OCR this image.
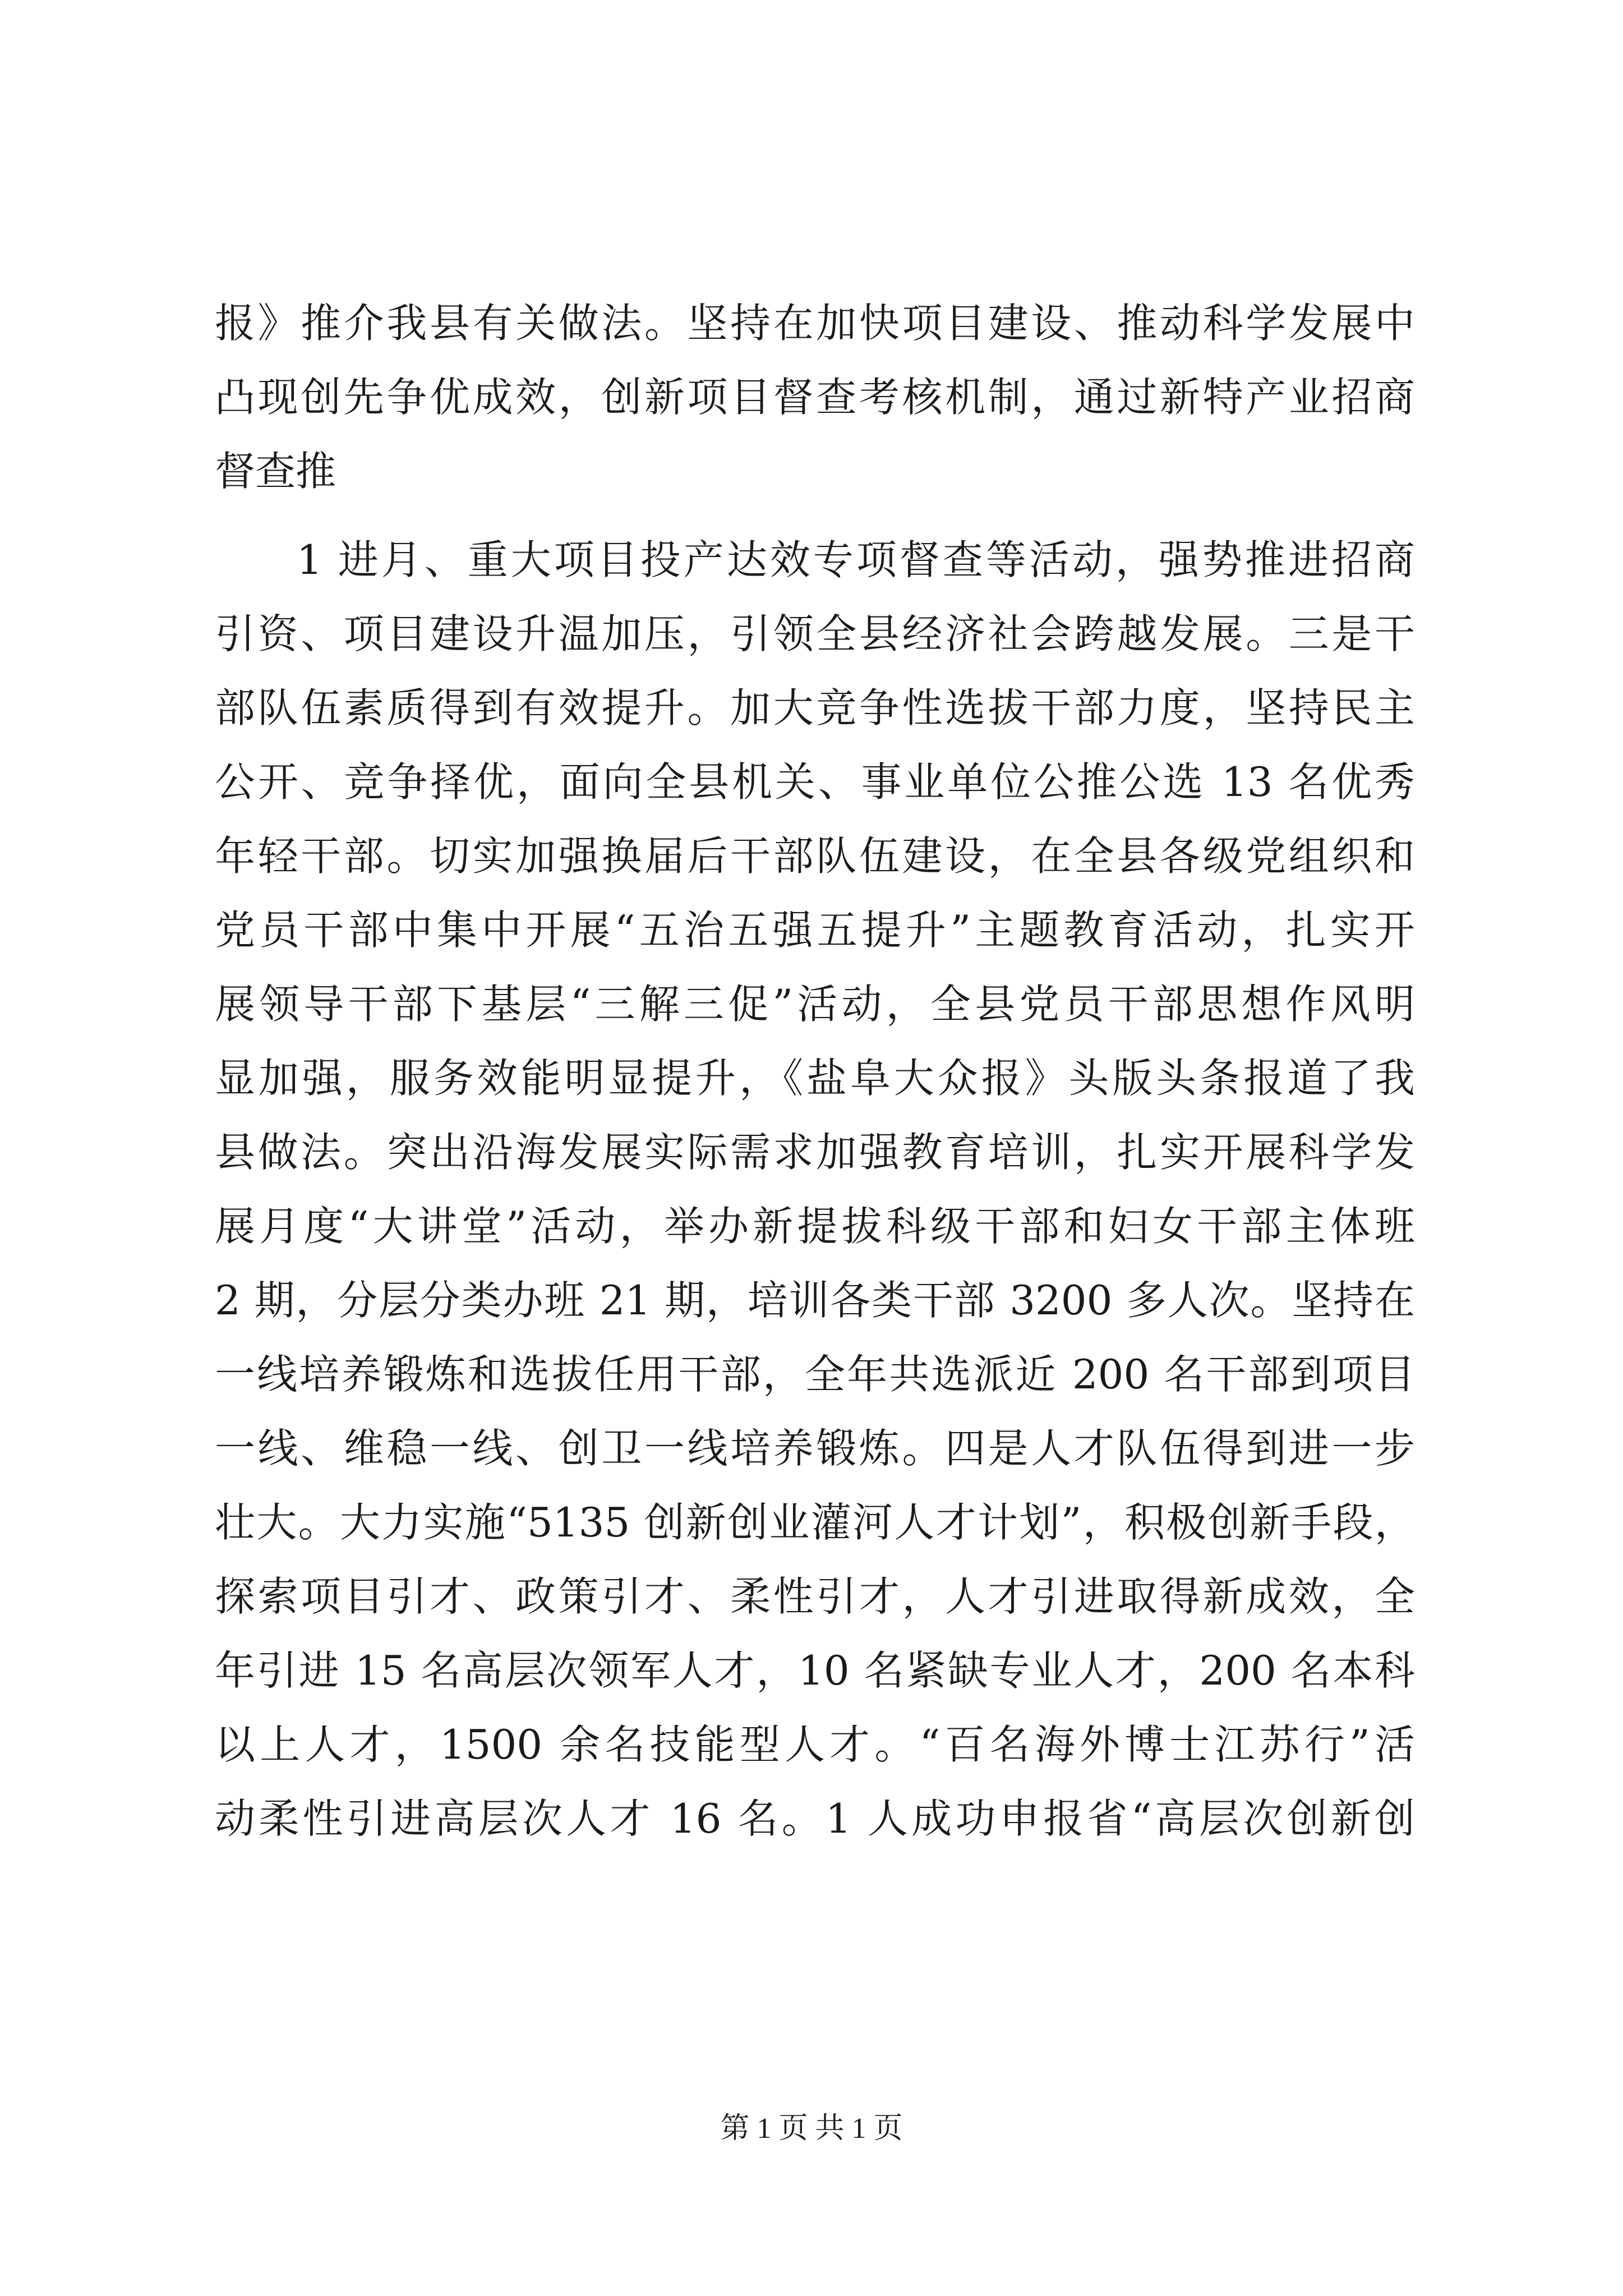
报》推介我县有关做法。坚持在加快项目建设、推动科学发展中
凸现创先争优成效，创新项目督查考核机制，通过新特产业招商
督查推
1 进月、重大项目投产达效专项督查等活动，强势推进招商
引资、项目建设升温加压，引领全县经济社会跨越发展。三是干
部队伍素质得到有效提升。加大竞争性选拔干部力度，坚持民主
公开、竞争择优，面向全县机关、事业单位公推公选 13 名优秀
年轻干部。切实加强换届后干部队伍建设，在全县各级党组织和
党员干部中集中开展“五治五强五提升”主题教育活动，扎实开
展领导干部下基层“三解三促”活动，全县党员干部思想作风明
显加强，服务效能明显提升，《盐阜大众报》头版头条报道了我
县做法。突出沿海发展实际需求加强教育培训，扎实开展科学发
展月度“大讲堂”活动，举办新提拔科级干部和妇女干部主体班
2 期，分层分类办班 21 期，培训各类干部 3200 多人次。坚持在
一线培养锻炼和选拔任用干部，全年共选派近 200 名干部到项目
一线、维稳一线、创卫一线培养锻炼。四是人才队伍得到进一步
壮大。大力实施“5135 创新创业灌河人才计划”，积极创新手段，
探索项目引才、政策引才、柔性引才，人才引进取得新成效，全
年引进 15 名高层次领军人才，10 名紧缺专业人才，200 名本科
以上人才，1500 余名技能型人才。“百名海外博士江苏行”活
动柔性引进高层次人才 16 名。1 人成功申报省“高层次创新创
第 1 页 共 1 页
